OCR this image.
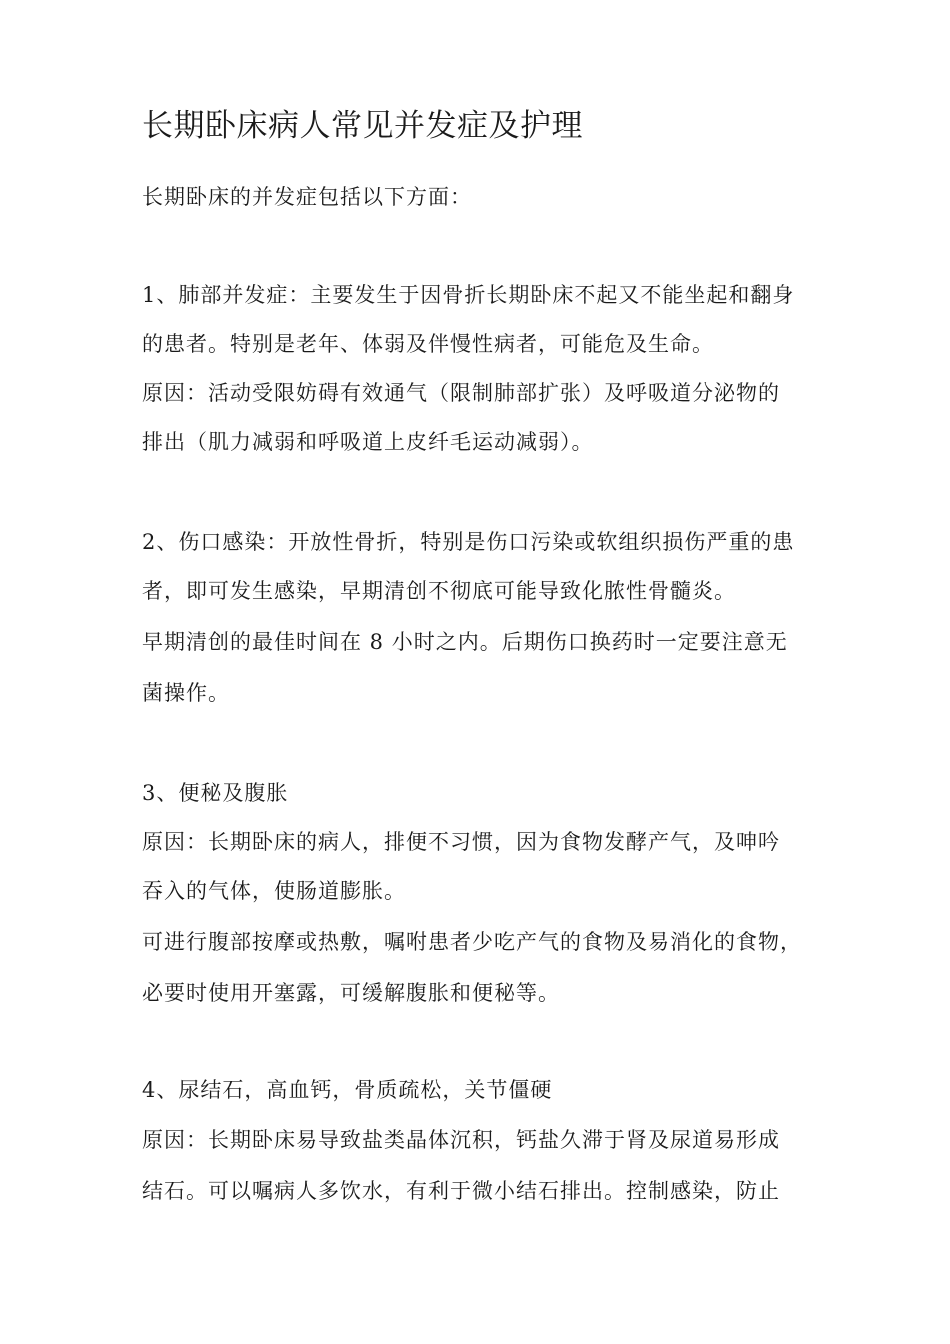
长期卧床病人常见并发症及护理
长期卧床的并发症包括以下方面：
1、肺部并发症：主要发生于因骨折长期卧床不起又不能坐起和翻身
的患者。特别是老年、体弱及伴慢性病者，可能危及生命。
原因：活动受限妨碍有效通气（限制肺部扩张）及呼吸道分泌物的
排出（肌力减弱和呼吸道上皮纤毛运动减弱）。
2、伤口感染：开放性骨折，特别是伤口污染或软组织损伤严重的患
者，即可发生感染，早期清创不彻底可能导致化脓性骨髓炎。
早期清创的最佳时间在 8 小时之内。后期伤口换药时一定要注意无
菌操作。
3、便秘及腹胀
原因：长期卧床的病人，排便不习惯，因为食物发酵产气，及呻吟
吞入的气体，使肠道膨胀。
可进行腹部按摩或热敷，嘱咐患者少吃产气的食物及易消化的食物，
必要时使用开塞露，可缓解腹胀和便秘等。
4、尿结石，高血钙，骨质疏松，关节僵硬
原因：长期卧床易导致盐类晶体沉积，钙盐久滞于肾及尿道易形成
结石。可以嘱病人多饮水，有利于微小结石排出。控制感染，防止
